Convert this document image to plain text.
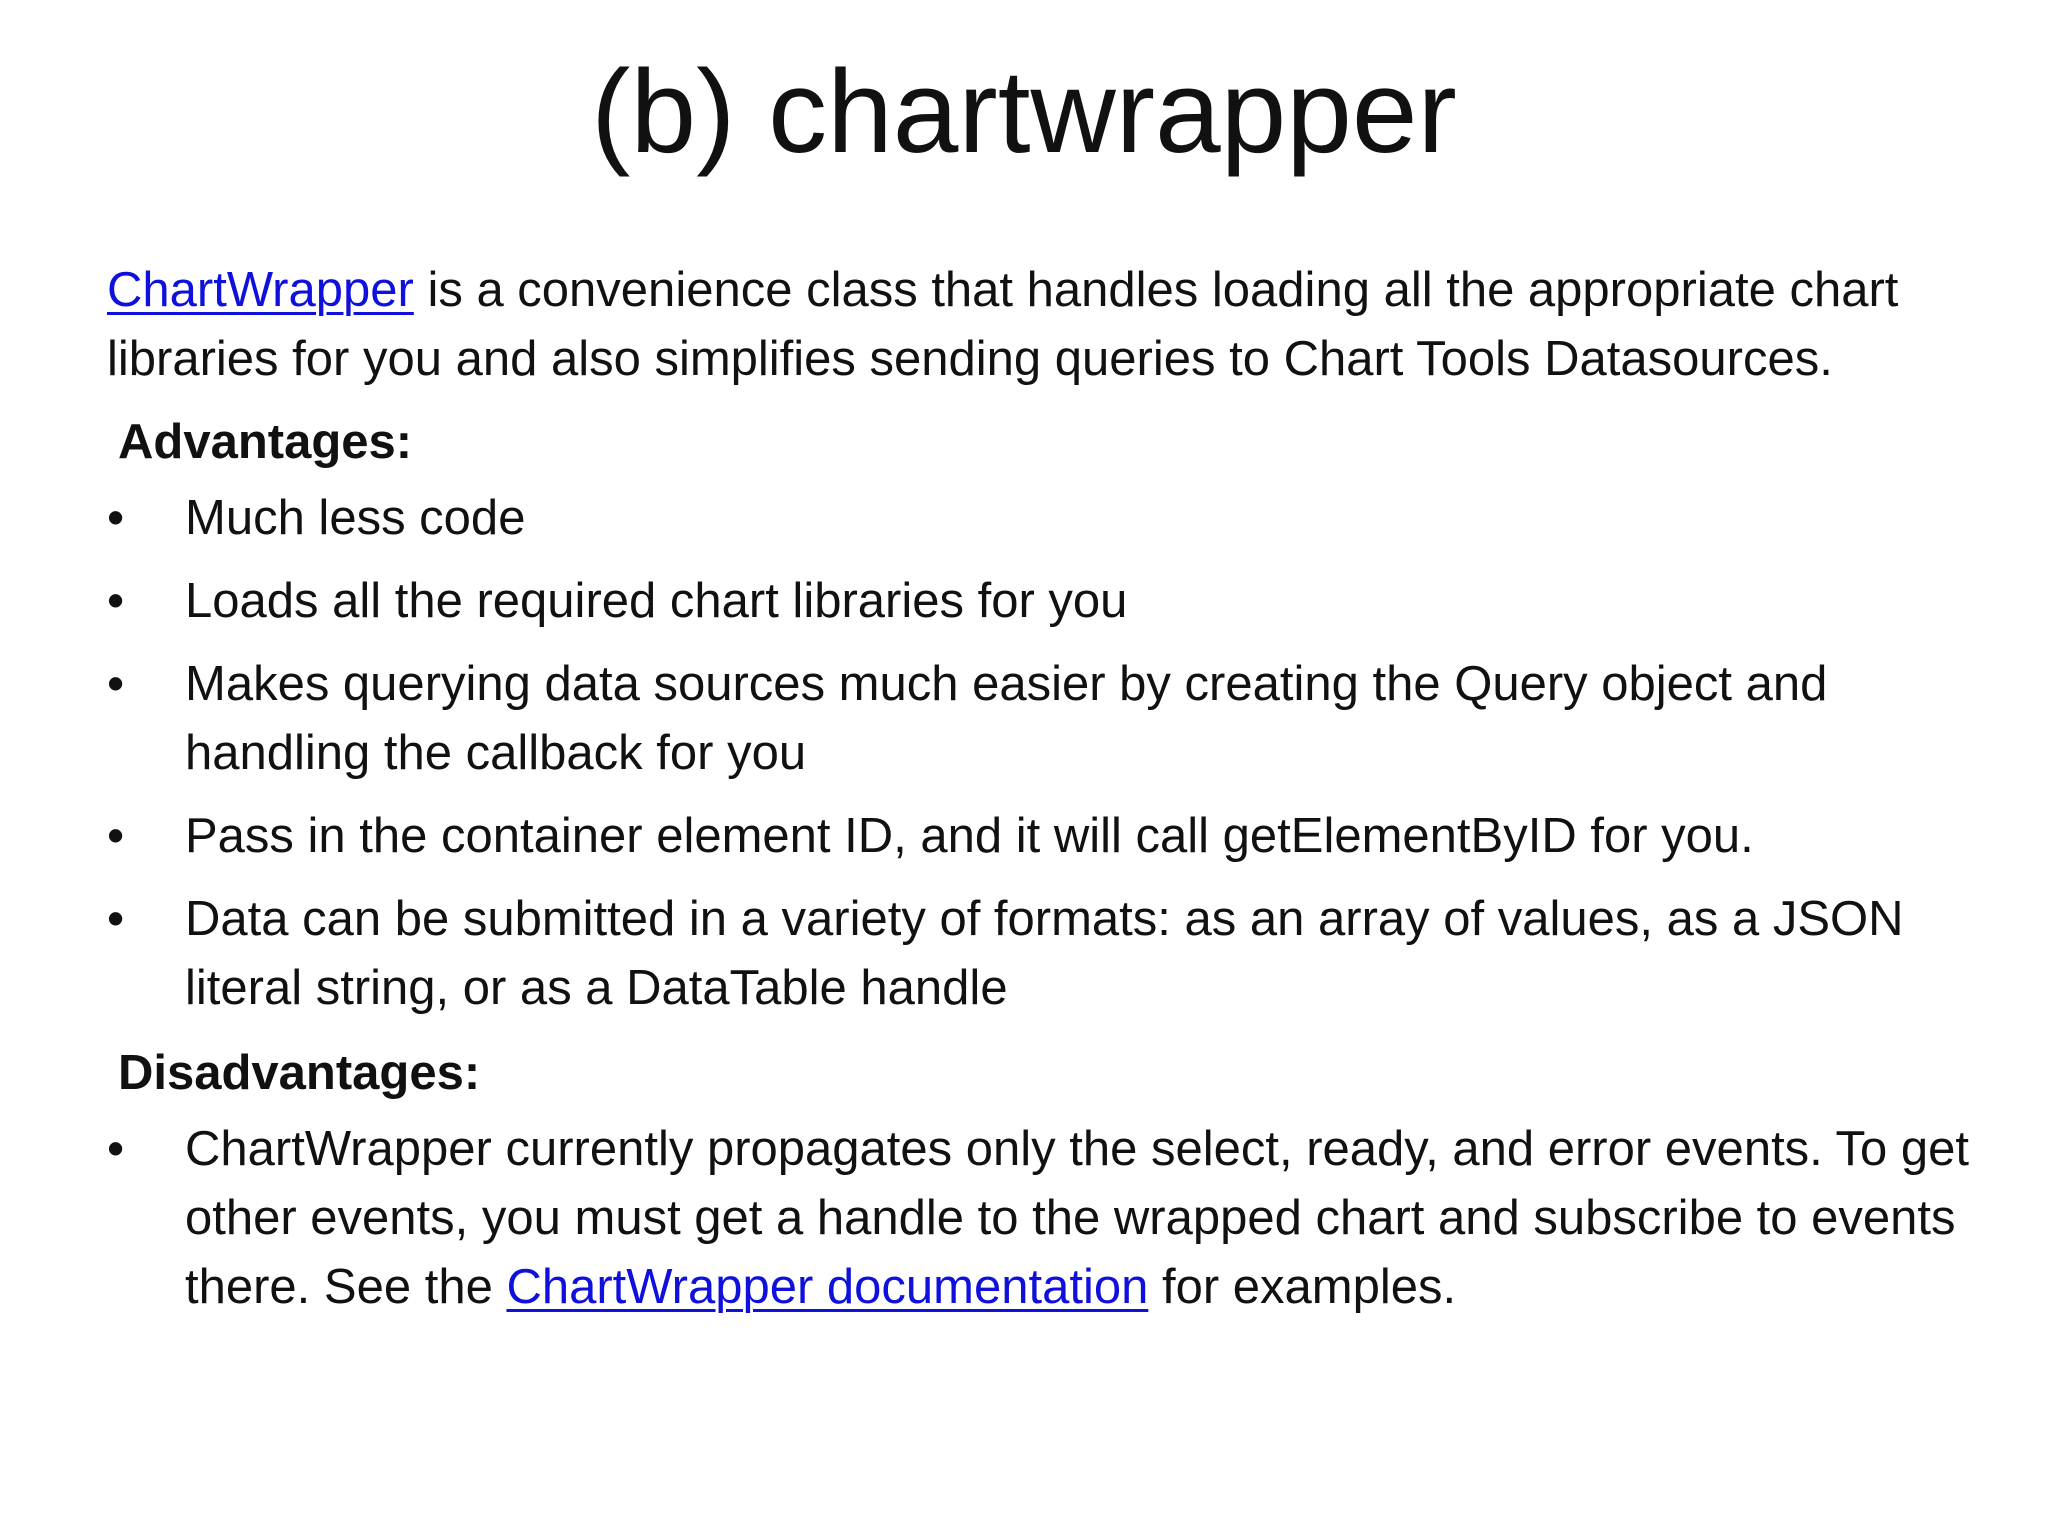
(b) chartwrapper

ChartWrapper is a convenience class that handles loading all the appropriate chart libraries for you and also simplifies sending queries to Chart Tools Datasources.

Advantages:
•	Much less code
•	Loads all the required chart libraries for you
•	Makes querying data sources much easier by creating the Query object and handling the callback for you
•	Pass in the container element ID, and it will call getElementByID for you.
•	Data can be submitted in a variety of formats: as an array of values, as a JSON literal string, or as a DataTable handle
Disadvantages:
•	ChartWrapper currently propagates only the select, ready, and error events. To get other events, you must get a handle to the wrapped chart and subscribe to events there. See the ChartWrapper documentation for examples.
